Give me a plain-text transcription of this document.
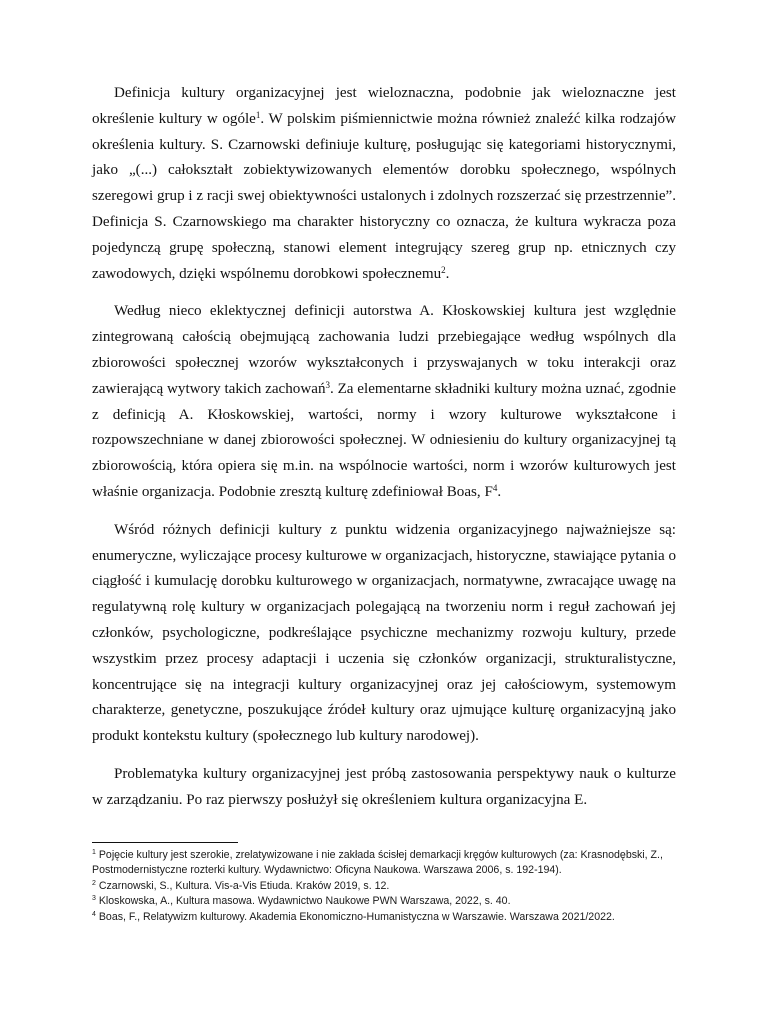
Definicja kultury organizacyjnej jest wieloznaczna, podobnie jak wieloznaczne jest określenie kultury w ogóle$^1$. W polskim piśmiennictwie można również znaleźć kilka rodzajów określenia kultury. S. Czarnowski definiuje kulturę, posługując się kategoriami historycznymi, jako „(...) całokształt zobiektywizowanych elementów dorobku społecznego, wspólnych szeregowi grup i z racji swej obiektywności ustalonych i zdolnych rozszerzać się przestrzennie”. Definicja S. Czarnowskiego ma charakter historyczny co oznacza, że kultura wykracza poza pojedynczą grupę społeczną, stanowi element integrujący szereg grup np. etnicznych czy zawodowych, dzięki wspólnemu dorobkowi społecznemu$^2$.

Według nieco eklektycznej definicji autorstwa A. Kłoskowskiej kultura jest względnie zintegrowaną całością obejmującą zachowania ludzi przebiegające według wspólnych dla zbiorowości społecznej wzorów wykształconych i przyswajanych w toku interakcji oraz zawierającą wytwory takich zachowań$^3$. Za elementarne składniki kultury można uznać, zgodnie z definicją A. Kłoskowskiej, wartości, normy i wzory kulturowe wykształcone i rozpowszechniane w danej zbiorowości społecznej. W odniesieniu do kultury organizacyjnej tą zbiorowością, która opiera się m.in. na wspólnocie wartości, norm i wzorów kulturowych jest właśnie organizacja. Podobnie zresztą kulturę zdefiniował Boas, $F^4$.

Wśród różnych definicji kultury z punktu widzenia organizacyjnego najważniejsze są: enumeryczne, wyliczające procesy kulturowe w organizacjach, historyczne, stawiające pytania o ciągłość i kumulację dorobku kulturowego w organizacjach, normatywne, zwracające uwagę na regulatywną rolę kultury w organizacjach polegającą na tworzeniu norm i reguł zachowań jej członków, psychologiczne, podkreślające psychiczne mechanizmy rozwoju kultury, przede wszystkim przez procesy adaptacji i uczenia się członków organizacji, strukturalistyczne, koncentrujące się na integracji kultury organizacyjnej oraz jej całościowym, systemowym charakterze, genetyczne, poszukujące źródeł kultury oraz ujmujące kulturę organizacyjną jako produkt kontekstu kultury (społecznego lub kultury narodowej).

Problematyka kultury organizacyjnej jest próbą zastosowania perspektywy nauk o kulturze w zarządzaniu. Po raz pierwszy posłużył się określeniem kultura organizacyjna E.

$^1$ Pojęcie kultury jest szerokie, zrelatywizowane i nie zakłada ścisłej demarkacji kręgów kulturowych (za: Krasnodębski, Z., Postmodernistyczne rozterki kultury. Wydawnictwo: Oficyna Naukowa. Warszawa 2006, s. 192-194).

$^2$ Czarnowski, S., Kultura. Vis-a-Vis Etiuda. Kraków 2019, s. 12.

$^3$ Kloskowska, A., Kultura masowa. Wydawnictwo Naukowe PWN Warszawa, 2022, s. 40.

$^4$ Boas, F., Relatywizm kulturowy. Akademia Ekonomiczno-Humanistyczna w Warszawie. Warszawa 2021/2022.
